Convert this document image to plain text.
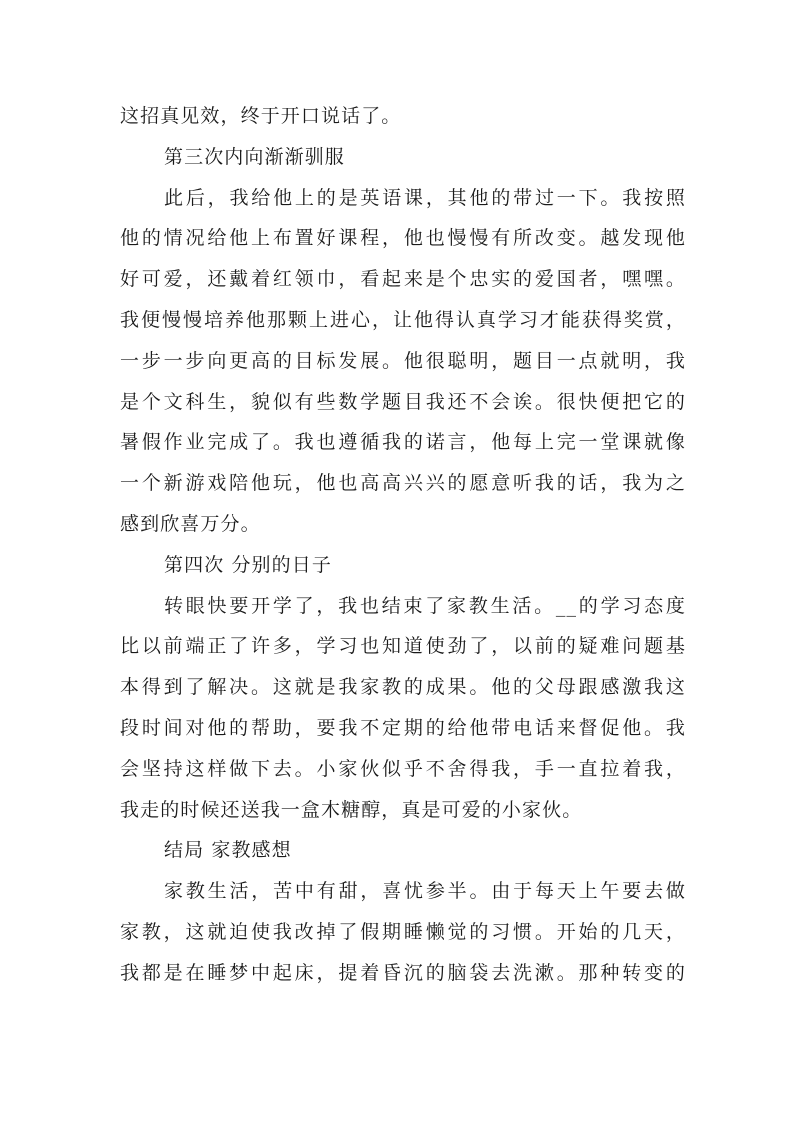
这招真见效，终于开口说话了。
第三次内向渐渐驯服
此后，我给他上的是英语课，其他的带过一下。我按照
他的情况给他上布置好课程，他也慢慢有所改变。越发现他
好可爱，还戴着红领巾，看起来是个忠实的爱国者，嘿嘿。
我便慢慢培养他那颗上进心，让他得认真学习才能获得奖赏，
一步一步向更高的目标发展。他很聪明，题目一点就明，我
是个文科生，貌似有些数学题目我还不会诶。很快便把它的
暑假作业完成了。我也遵循我的诺言，他每上完一堂课就像
一个新游戏陪他玩，他也高高兴兴的愿意听我的话，我为之
感到欣喜万分。
第四次 分别的日子
转眼快要开学了，我也结束了家教生活。__的学习态度
比以前端正了许多，学习也知道使劲了，以前的疑难问题基
本得到了解决。这就是我家教的成果。他的父母跟感激我这
段时间对他的帮助，要我不定期的给他带电话来督促他。我
会坚持这样做下去。小家伙似乎不舍得我，手一直拉着我，
我走的时候还送我一盒木糖醇，真是可爱的小家伙。
结局 家教感想
家教生活，苦中有甜，喜忧参半。由于每天上午要去做
家教，这就迫使我改掉了假期睡懒觉的习惯。开始的几天，
我都是在睡梦中起床，提着昏沉的脑袋去洗漱。那种转变的
